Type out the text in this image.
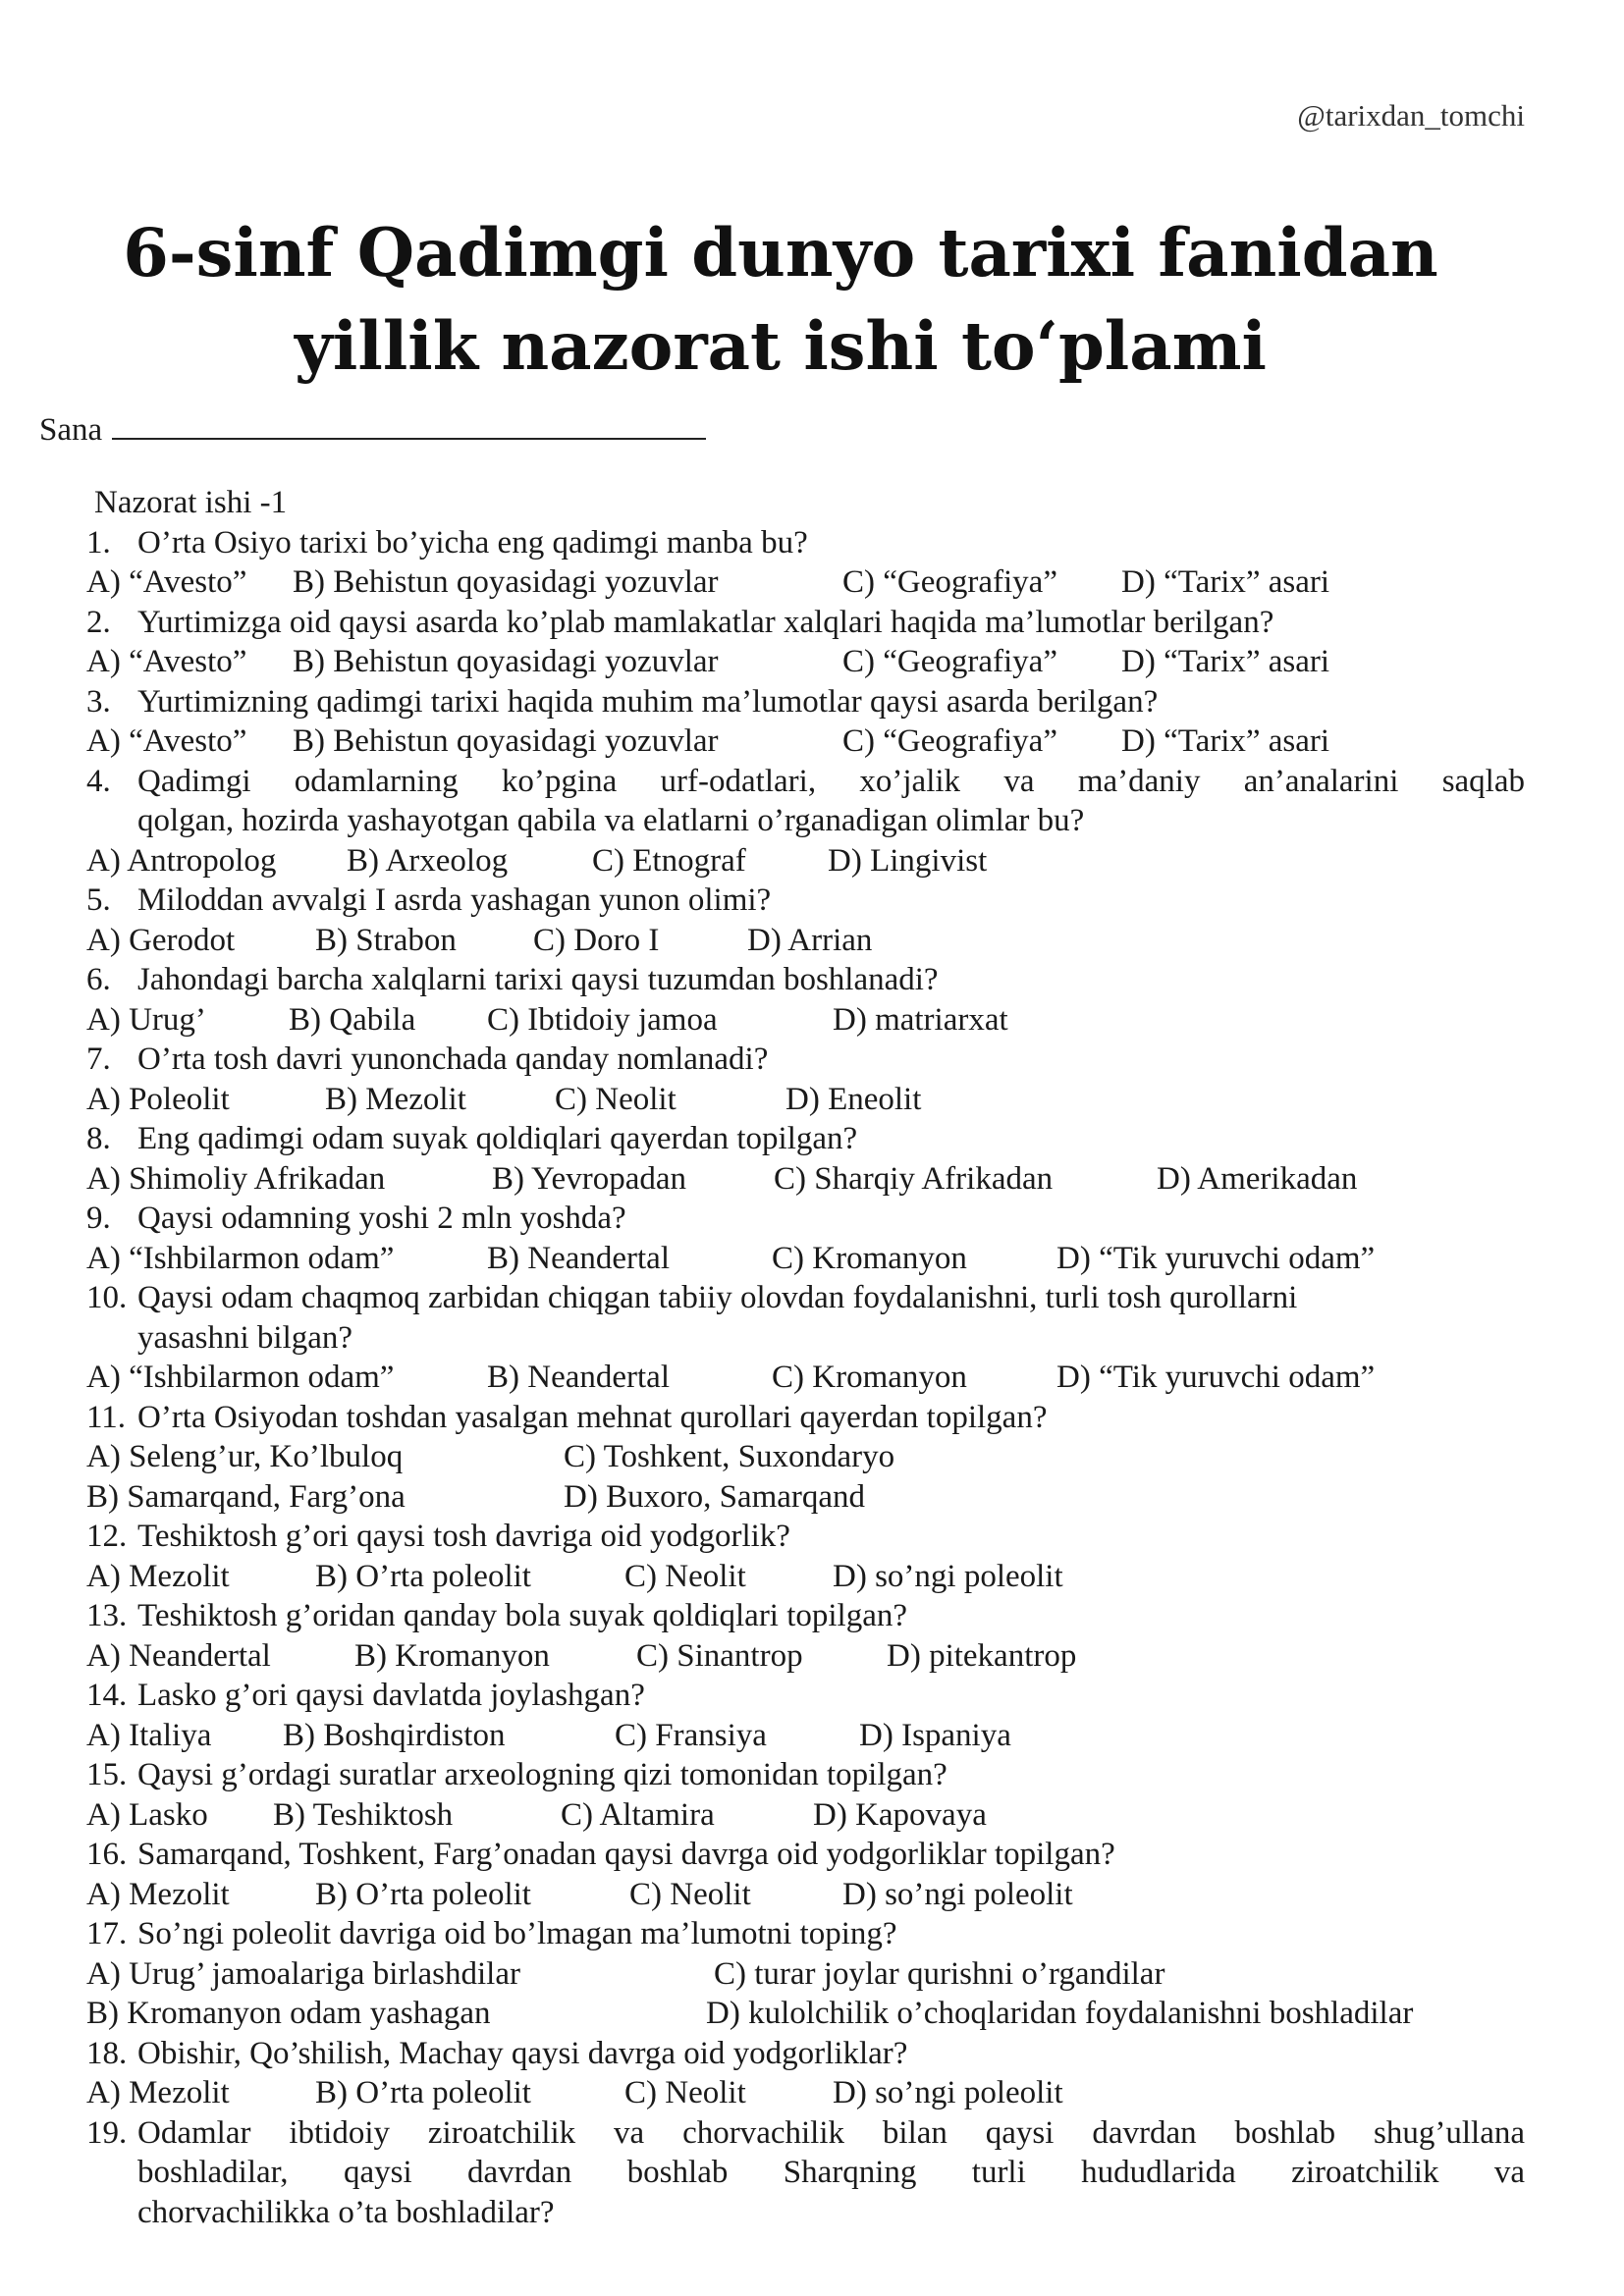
@tarixdan_tomchi
6-sinf Qadimgi dunyo tarixi fanidan
yillik nazorat ishi to‘plami
Sana
Nazorat ishi -1
1. O’rta Osiyo tarixi bo’yicha eng qadimgi manba bu?
A) “Avesto” B) Behistun qoyasidagi yozuvlar	C) “Geografiya” D) “Tarix” asari
2. Yurtimizga oid qaysi asarda ko’plab mamlakatlar xalqlari haqida ma’lumotlar berilgan?
A) “Avesto” B) Behistun qoyasidagi yozuvlar	C) “Geografiya” D) “Tarix” asari
3. Yurtimizning qadimgi tarixi haqida muhim ma’lumotlar qaysi asarda berilgan?
A) “Avesto” B) Behistun qoyasidagi yozuvlar	C) “Geografiya” D) “Tarix” asari
4. Qadimgi odamlarning ko’pgina urf-odatlari, xo’jalik va ma’daniy an’analarini saqlab
qolgan, hozirda yashayotgan qabila va elatlarni o’rganadigan olimlar bu?
A) Antropolog B) Arxeolog	C) Etnograf	D) Lingivist
5. Miloddan avvalgi I asrda yashagan yunon olimi?
A) Gerodot B) Strabon C) Doro I	D) Arrian
6. Jahondagi barcha xalqlarni tarixi qaysi tuzumdan boshlanadi?
A) Urug’	B) Qabila C) Ibtidoiy jamoa	D) matriarxat
7. O’rta tosh davri yunonchada qanday nomlanadi?
A) Poleolit	B) Mezolit	C) Neolit	D) Eneolit
8. Eng qadimgi odam suyak qoldiqlari qayerdan topilgan?
A) Shimoliy Afrikadan	B) Yevropadan	C) Sharqiy Afrikadan	D) Amerikadan
9. Qaysi odamning yoshi 2 mln yoshda?
A) “Ishbilarmon odam”	B) Neandertal	C) Kromanyon	D) “Tik yuruvchi odam”
10. Qaysi odam chaqmoq zarbidan chiqgan tabiiy olovdan foydalanishni, turli tosh qurollarni
yasashni bilgan?
A) “Ishbilarmon odam”	B) Neandertal	C) Kromanyon	D) “Tik yuruvchi odam”
11. O’rta Osiyodan toshdan yasalgan mehnat qurollari qayerdan topilgan?
A) Seleng’ur, Ko’lbuloq	C) Toshkent, Suxondaryo
B) Samarqand, Farg’ona	D) Buxoro, Samarqand
12. Teshiktosh g’ori qaysi tosh davriga oid yodgorlik?
A) Mezolit	B) O’rta poleolit	C) Neolit	D) so’ngi poleolit
13. Teshiktosh g’oridan qanday bola suyak qoldiqlari topilgan?
A) Neandertal	B) Kromanyon	C) Sinantrop	D) pitekantrop
14. Lasko g’ori qaysi davlatda joylashgan?
A) Italiya B) Boshqirdiston	C) Fransiya	D) Ispaniya
15. Qaysi g’ordagi suratlar arxeologning qizi tomonidan topilgan?
A) Lasko B) Teshiktosh	C) Altamira	D) Kapovaya
16. Samarqand, Toshkent, Farg’onadan qaysi davrga oid yodgorliklar topilgan?
A) Mezolit	B) O’rta poleolit	C) Neolit	D) so’ngi poleolit
17. So’ngi poleolit davriga oid bo’lmagan ma’lumotni toping?
A) Urug’ jamoalariga birlashdilar	C) turar joylar qurishni o’rgandilar
B) Kromanyon odam yashagan	D) kulolchilik o’choqlaridan foydalanishni boshladilar
18. Obishir, Qo’shilish, Machay qaysi davrga oid yodgorliklar?
A) Mezolit	B) O’rta poleolit	C) Neolit	D) so’ngi poleolit
19. Odamlar ibtidoiy ziroatchilik va chorvachilik bilan qaysi davrdan boshlab shug’ullana
boshladilar, qaysi davrdan boshlab Sharqning turli hududlarida ziroatchilik va
chorvachilikka o’ta boshladilar?
